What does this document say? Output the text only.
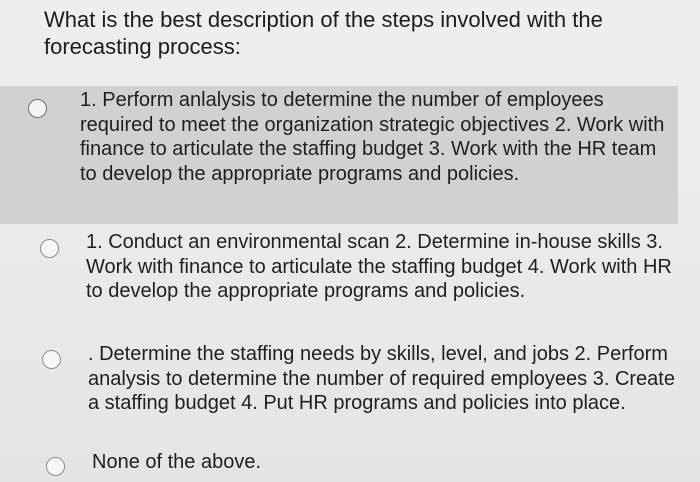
What is the best description of the steps involved with the forecasting process:
1. Perform anlalysis to determine the number of employees required to meet the organization strategic objectives 2. Work with finance to articulate the staffing budget 3. Work with the HR team to develop the appropriate programs and policies.
1. Conduct an environmental scan 2. Determine in-house skills 3. Work with finance to articulate the staffing budget 4. Work with HR to develop the appropriate programs and policies.
. Determine the staffing needs by skills, level, and jobs 2. Perform analysis to determine the number of required employees 3. Create a staffing budget 4. Put HR programs and policies into place.
None of the above.
